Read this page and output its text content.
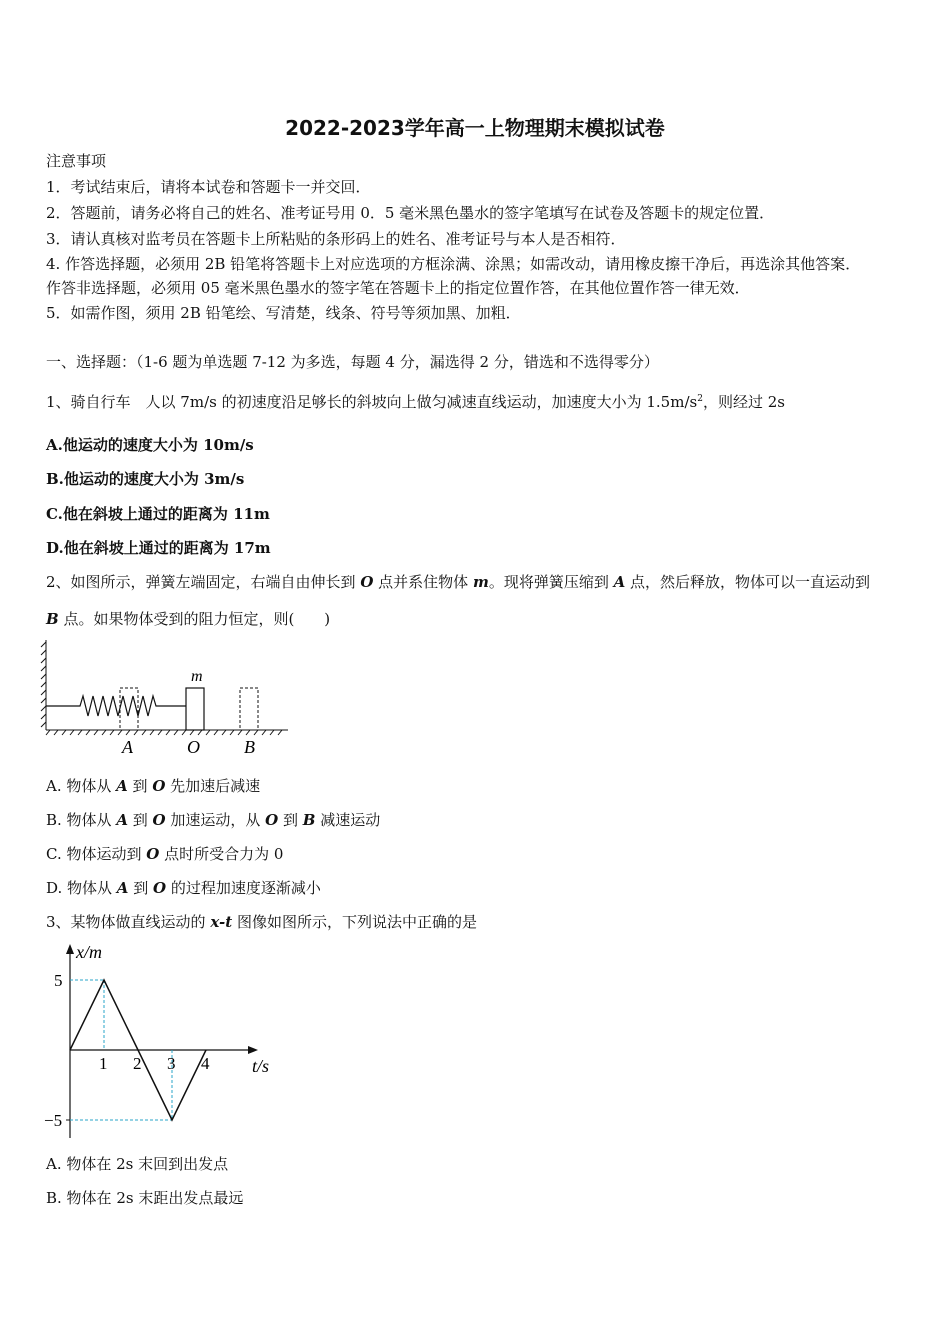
2022-2023学年高一上物理期末模拟试卷
注意事项
1．考试结束后，请将本试卷和答题卡一并交回．
2．答题前，请务必将自己的姓名、准考证号用 0．5 毫米黑色墨水的签字笔填写在试卷及答题卡的规定位置．
3．请认真核对监考员在答题卡上所粘贴的条形码上的姓名、准考证号与本人是否相符．
4. 作答选择题，必须用 2B 铅笔将答题卡上对应选项的方框涂满、涂黑；如需改动，请用橡皮擦干净后，再选涂其他答案．
作答非选择题，必须用 05 毫米黑色墨水的签字笔在答题卡上的指定位置作答，在其他位置作答一律无效．
5．如需作图，须用 2B 铅笔绘、写清楚，线条、符号等须加黑、加粗．
一、选择题：（1-6 题为单选题 7-12 为多选，每题 4 分，漏选得 2 分，错选和不选得零分）
1、骑自行车　人以 7m/s 的初速度沿足够长的斜坡向上做匀减速直线运动，加速度大小为 $1.5m/s^2$，则经过 2s
A.他运动的速度大小为 10m/s
B.他运动的速度大小为 3m/s
C.他在斜坡上通过的距离为 11m
D.他在斜坡上通过的距离为 17m
2、如图所示，弹簧左端固定，右端自由伸长到 O 点并系住物体 m。现将弹簧压缩到 A 点，然后释放，物体可以一直运动到
B 点。如果物体受到的阻力恒定，则(　　)
m
A	O B
A. 物体从 A 到 O 先加速后减速
B. 物体从 A 到 O 加速运动，从 O 到 B 减速运动
C. 物体运动到 O 点时所受合力为 0
D. 物体从 A 到 O 的过程加速度逐渐减小
3、某物体做直线运动的 x-t 图像如图所示，下列说法中正确的是
1 2 3 4
5
−5
x/m
t/s
A. 物体在 2s 末回到出发点
B. 物体在 2s 末距出发点最远
